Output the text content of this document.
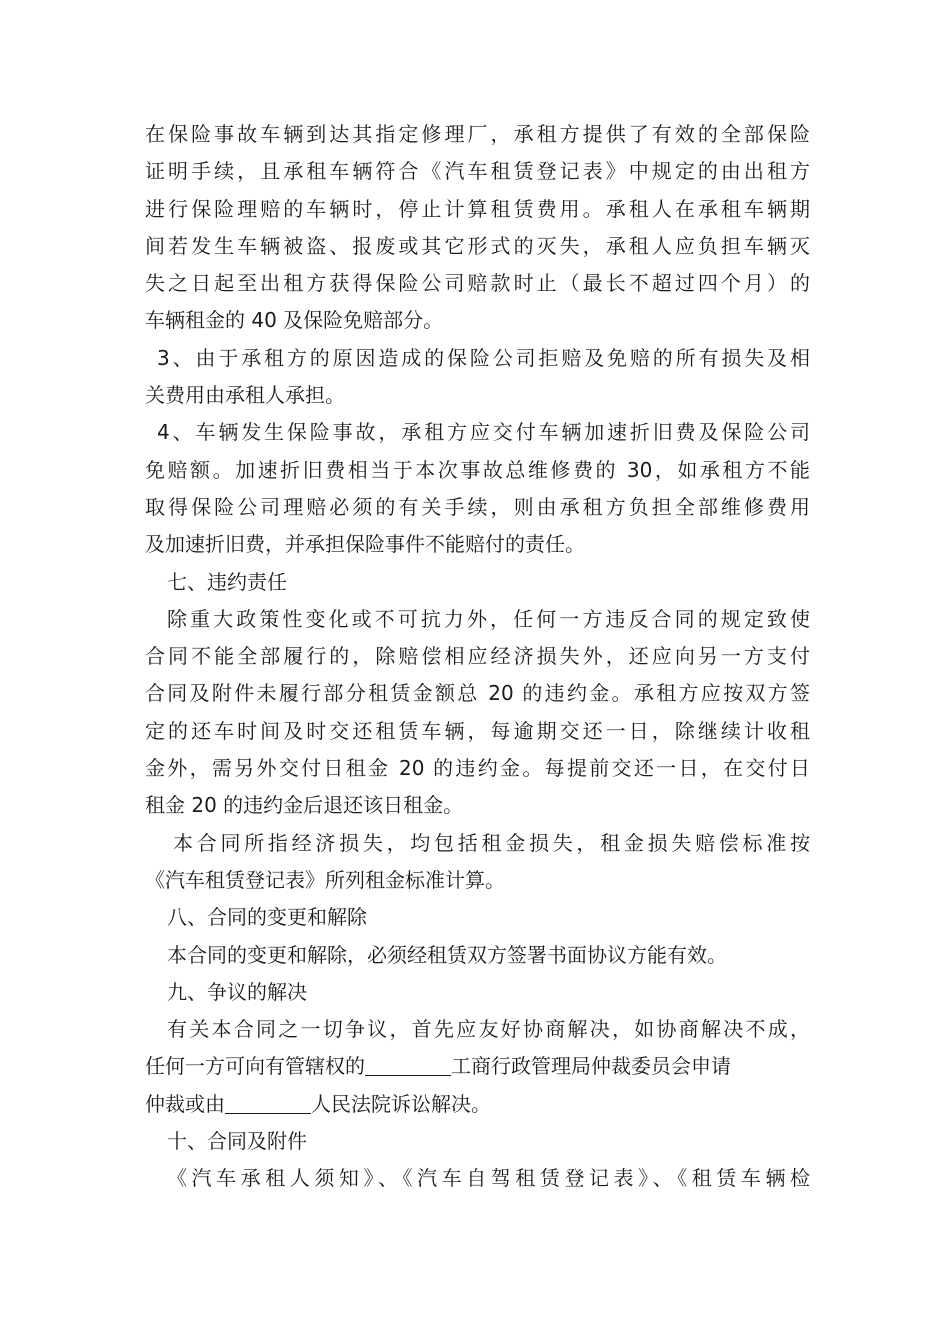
在保险事故车辆到达其指定修理厂，承租方提供了有效的全部保险
证明手续，且承租车辆符合《汽车租赁登记表》中规定的由出租方
进行保险理赔的车辆时，停止计算租赁费用。承租人在承租车辆期
间若发生车辆被盗、报废或其它形式的灭失，承租人应负担车辆灭
失之日起至出租方获得保险公司赔款时止（最长不超过四个月）的
车辆租金的 40 及保险免赔部分。
3、由于承租方的原因造成的保险公司拒赔及免赔的所有损失及相
关费用由承租人承担。
4、车辆发生保险事故，承租方应交付车辆加速折旧费及保险公司
免赔额。加速折旧费相当于本次事故总维修费的 30，如承租方不能
取得保险公司理赔必须的有关手续，则由承租方负担全部维修费用
及加速折旧费，并承担保险事件不能赔付的责任。
七、违约责任
除重大政策性变化或不可抗力外，任何一方违反合同的规定致使
合同不能全部履行的，除赔偿相应经济损失外，还应向另一方支付
合同及附件未履行部分租赁金额总 20 的违约金。承租方应按双方签
定的还车时间及时交还租赁车辆，每逾期交还一日，除继续计收租
金外，需另外交付日租金 20 的违约金。每提前交还一日，在交付日
租金 20 的违约金后退还该日租金。
本合同所指经济损失，均包括租金损失，租金损失赔偿标准按
《汽车租赁登记表》所列租金标准计算。
八、合同的变更和解除
本合同的变更和解除，必须经租赁双方签署书面协议方能有效。
九、争议的解决
有关本合同之一切争议，首先应友好协商解决，如协商解决不成，
任何一方可向有管辖权的	工商行政管理局仲裁委员会申请
仲裁或由	人民法院诉讼解决。
十、合同及附件
《汽车承租人须知》、《汽车自驾租赁登记表》、《租赁车辆检
